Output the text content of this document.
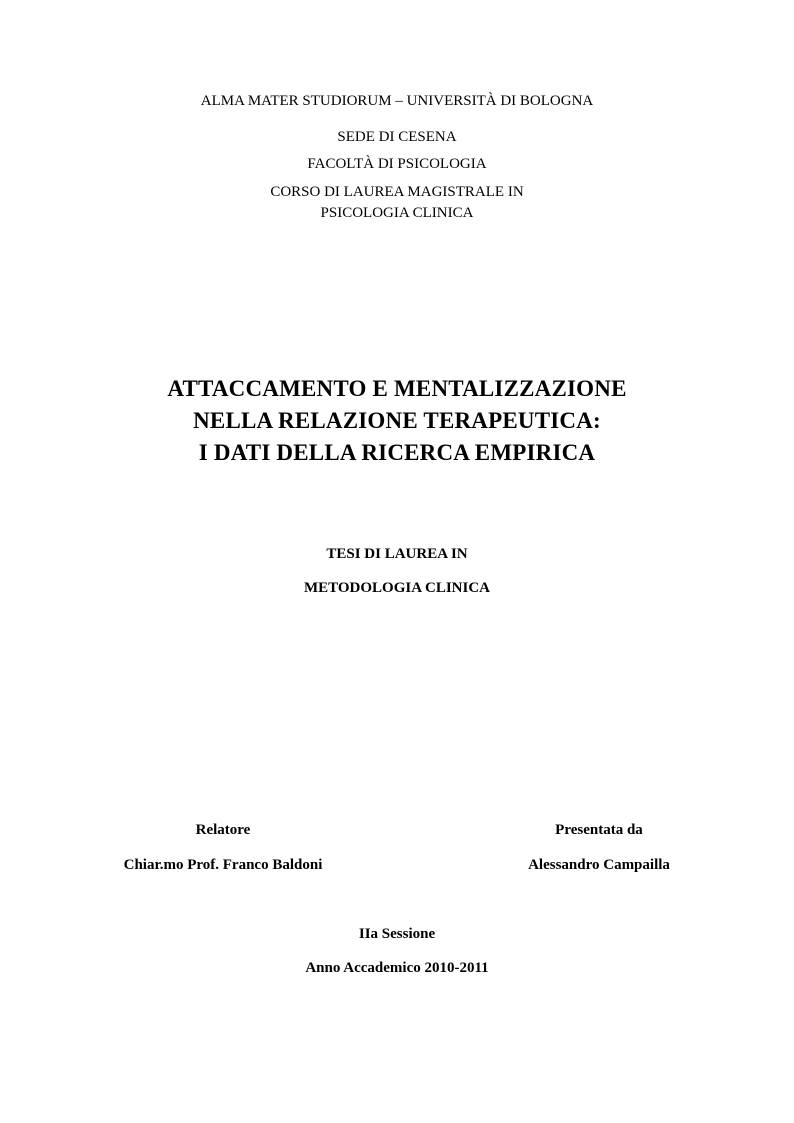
ALMA MATER STUDIORUM – UNIVERSITÀ DI BOLOGNA
SEDE DI CESENA
FACOLTÀ DI PSICOLOGIA
CORSO DI LAUREA MAGISTRALE IN
PSICOLOGIA CLINICA
ATTACCAMENTO E MENTALIZZAZIONE
NELLA RELAZIONE TERAPEUTICA:
I DATI DELLA RICERCA EMPIRICA
TESI DI LAUREA IN
METODOLOGIA CLINICA
Relatore
Chiar.mo Prof. Franco Baldoni
Presentata da
Alessandro Campailla
IIa Sessione
Anno Accademico 2010-2011
